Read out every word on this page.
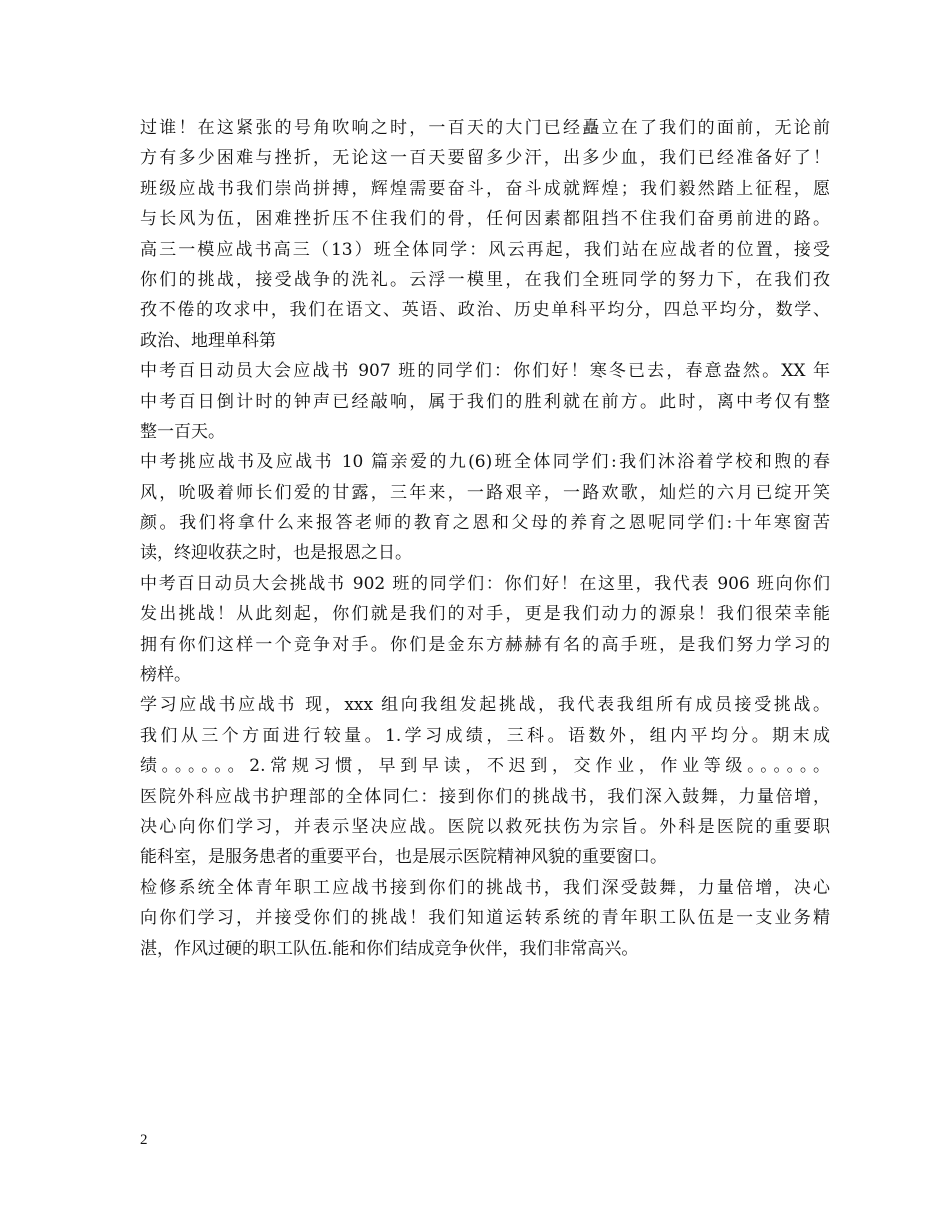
过谁！在这紧张的号角吹响之时，一百天的大门已经矗立在了我们的面前，无论前
方有多少困难与挫折，无论这一百天要留多少汗，出多少血，我们已经准备好了！
班级应战书我们崇尚拼搏，辉煌需要奋斗，奋斗成就辉煌；我们毅然踏上征程，愿
与长风为伍，困难挫折压不住我们的骨，任何因素都阻挡不住我们奋勇前进的路。
高三一模应战书高三（13）班全体同学：风云再起，我们站在应战者的位置，接受
你们的挑战，接受战争的洗礼。云浮一模里，在我们全班同学的努力下，在我们孜
孜不倦的攻求中，我们在语文、英语、政治、历史单科平均分，四总平均分，数学、
政治、地理单科第
中考百日动员大会应战书 907 班的同学们：你们好！寒冬已去，春意盎然。XX 年
中考百日倒计时的钟声已经敲响，属于我们的胜利就在前方。此时，离中考仅有整
整一百天。
中考挑应战书及应战书 10 篇亲爱的九(6)班全体同学们:我们沐浴着学校和煦的春
风，吮吸着师长们爱的甘露，三年来，一路艰辛，一路欢歌，灿烂的六月已绽开笑
颜。我们将拿什么来报答老师的教育之恩和父母的养育之恩呢同学们:十年寒窗苦
读，终迎收获之时，也是报恩之日。
中考百日动员大会挑战书 902 班的同学们：你们好！在这里，我代表 906 班向你们
发出挑战！从此刻起，你们就是我们的对手，更是我们动力的源泉！我们很荣幸能
拥有你们这样一个竞争对手。你们是金东方赫赫有名的高手班，是我们努力学习的
榜样。
学习应战书应战书 现，xxx 组向我组发起挑战，我代表我组所有成员接受挑战。
我们从三个方面进行较量。1.学习成绩，三科。语数外，组内平均分。期末成
绩。。。。。。2.常规习惯，早到早读，不迟到，交作业，作业等级。。。。。。
医院外科应战书护理部的全体同仁：接到你们的挑战书，我们深入鼓舞，力量倍增，
决心向你们学习，并表示坚决应战。医院以救死扶伤为宗旨。外科是医院的重要职
能科室，是服务患者的重要平台，也是展示医院精神风貌的重要窗口。
检修系统全体青年职工应战书接到你们的挑战书，我们深受鼓舞，力量倍增，决心
向你们学习，并接受你们的挑战！我们知道运转系统的青年职工队伍是一支业务精
湛，作风过硬的职工队伍.能和你们结成竞争伙伴，我们非常高兴。
2
